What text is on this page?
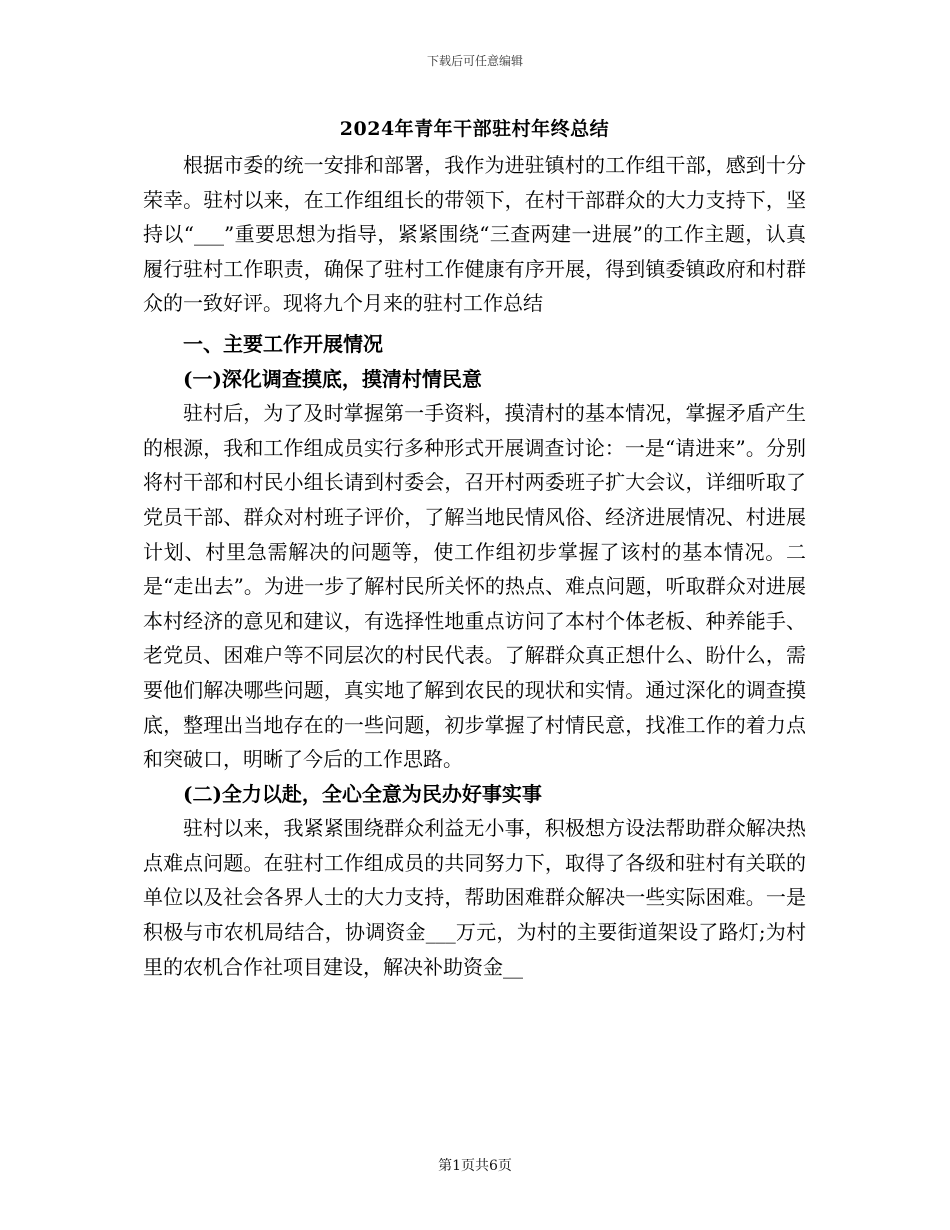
下载后可任意编辑
2024年青年干部驻村年终总结

根据市委的统一安排和部署，我作为进驻镇村的工作组干部，感到十分荣幸。驻村以来，在工作组组长的带领下，在村干部群众的大力支持下，坚持以“___”重要思想为指导，紧紧围绕“三查两建一进展”的工作主题，认真履行驻村工作职责，确保了驻村工作健康有序开展，得到镇委镇政府和村群众的一致好评。现将九个月来的驻村工作总结

一、主要工作开展情况
(一)深化调查摸底，摸清村情民意

驻村后，为了及时掌握第一手资料，摸清村的基本情况，掌握矛盾产生的根源，我和工作组成员实行多种形式开展调查讨论：一是“请进来”。分别将村干部和村民小组长请到村委会，召开村两委班子扩大会议，详细听取了党员干部、群众对村班子评价，了解当地民情风俗、经济进展情况、村进展计划、村里急需解决的问题等，使工作组初步掌握了该村的基本情况。二是“走出去”。为进一步了解村民所关怀的热点、难点问题，听取群众对进展本村经济的意见和建议，有选择性地重点访问了本村个体老板、种养能手、老党员、困难户等不同层次的村民代表。了解群众真正想什么、盼什么，需要他们解决哪些问题，真实地了解到农民的现状和实情。通过深化的调查摸底，整理出当地存在的一些问题，初步掌握了村情民意，找准工作的着力点和突破口，明晰了今后的工作思路。

(二)全力以赴，全心全意为民办好事实事

驻村以来，我紧紧围绕群众利益无小事，积极想方设法帮助群众解决热点难点问题。在驻村工作组成员的共同努力下，取得了各级和驻村有关联的单位以及社会各界人士的大力支持，帮助困难群众解决一些实际困难。一是积极与市农机局结合，协调资金___万元，为村的主要街道架设了路灯;为村里的农机合作社项目建设，解决补助资金__

第1页共6页
